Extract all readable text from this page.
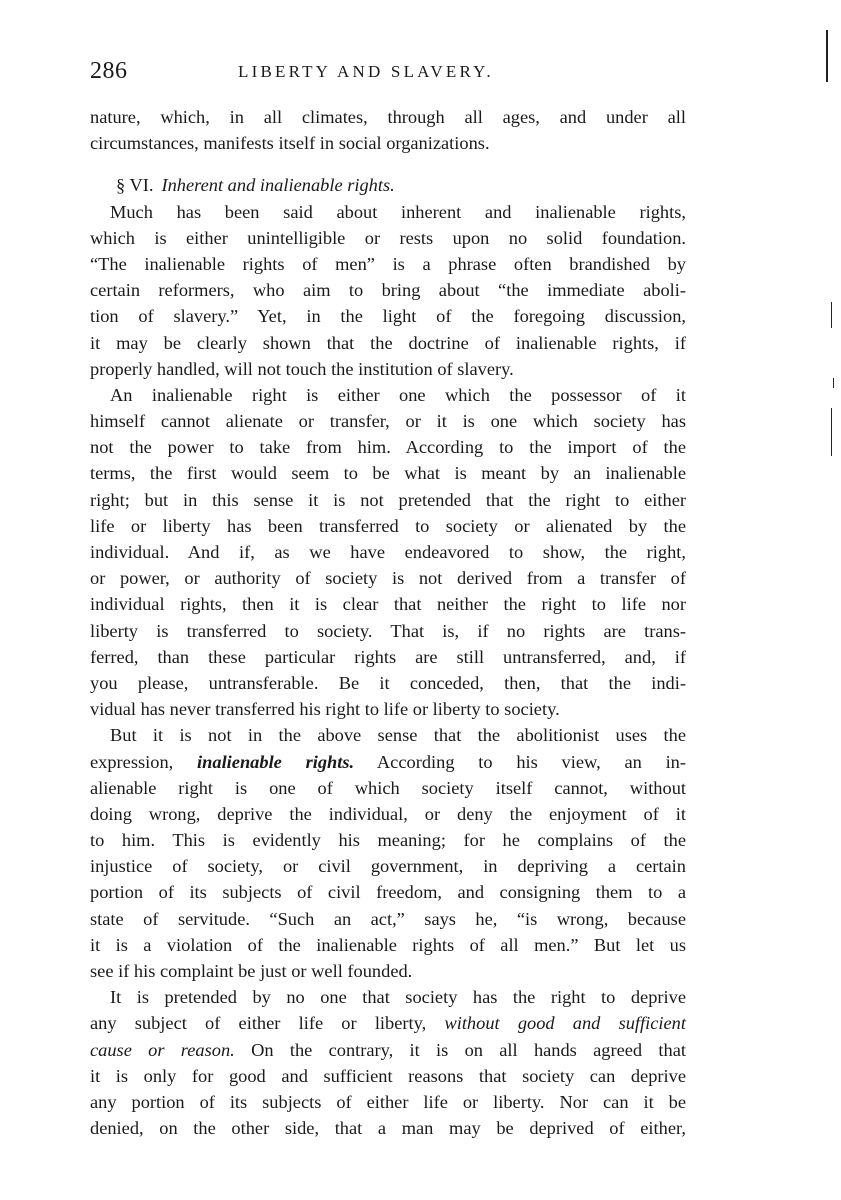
286	LIBERTY AND SLAVERY.
nature, which, in all climates, through all ages, and under all
circumstances, manifests itself in social organizations.
§ VI. Inherent and inalienable rights.
Much has been said about inherent and inalienable rights,
which is either unintelligible or rests upon no solid foundation.
“The inalienable rights of men” is a phrase often brandished by
certain reformers, who aim to bring about “the immediate aboli-
tion of slavery.” Yet, in the light of the foregoing discussion,
it may be clearly shown that the doctrine of inalienable rights, if
properly handled, will not touch the institution of slavery.
An inalienable right is either one which the possessor of it
himself cannot alienate or transfer, or it is one which society has
not the power to take from him. According to the import of the
terms, the first would seem to be what is meant by an inalienable
right; but in this sense it is not pretended that the right to either
life or liberty has been transferred to society or alienated by the
individual. And if, as we have endeavored to show, the right,
or power, or authority of society is not derived from a transfer of
individual rights, then it is clear that neither the right to life nor
liberty is transferred to society. That is, if no rights are trans-
ferred, than these particular rights are still untransferred, and, if
you please, untransferable. Be it conceded, then, that the indi-
vidual has never transferred his right to life or liberty to society.
But it is not in the above sense that the abolitionist uses the
expression, inalienable rights. According to his view, an in-
alienable right is one of which society itself cannot, without
doing wrong, deprive the individual, or deny the enjoyment of it
to him. This is evidently his meaning; for he complains of the
injustice of society, or civil government, in depriving a certain
portion of its subjects of civil freedom, and consigning them to a
state of servitude. “Such an act,” says he, “is wrong, because
it is a violation of the inalienable rights of all men.” But let us
see if his complaint be just or well founded.
It is pretended by no one that society has the right to deprive
any subject of either life or liberty, without good and sufficient
cause or reason. On the contrary, it is on all hands agreed that
it is only for good and sufficient reasons that society can deprive
any portion of its subjects of either life or liberty. Nor can it be
denied, on the other side, that a man may be deprived of either,
